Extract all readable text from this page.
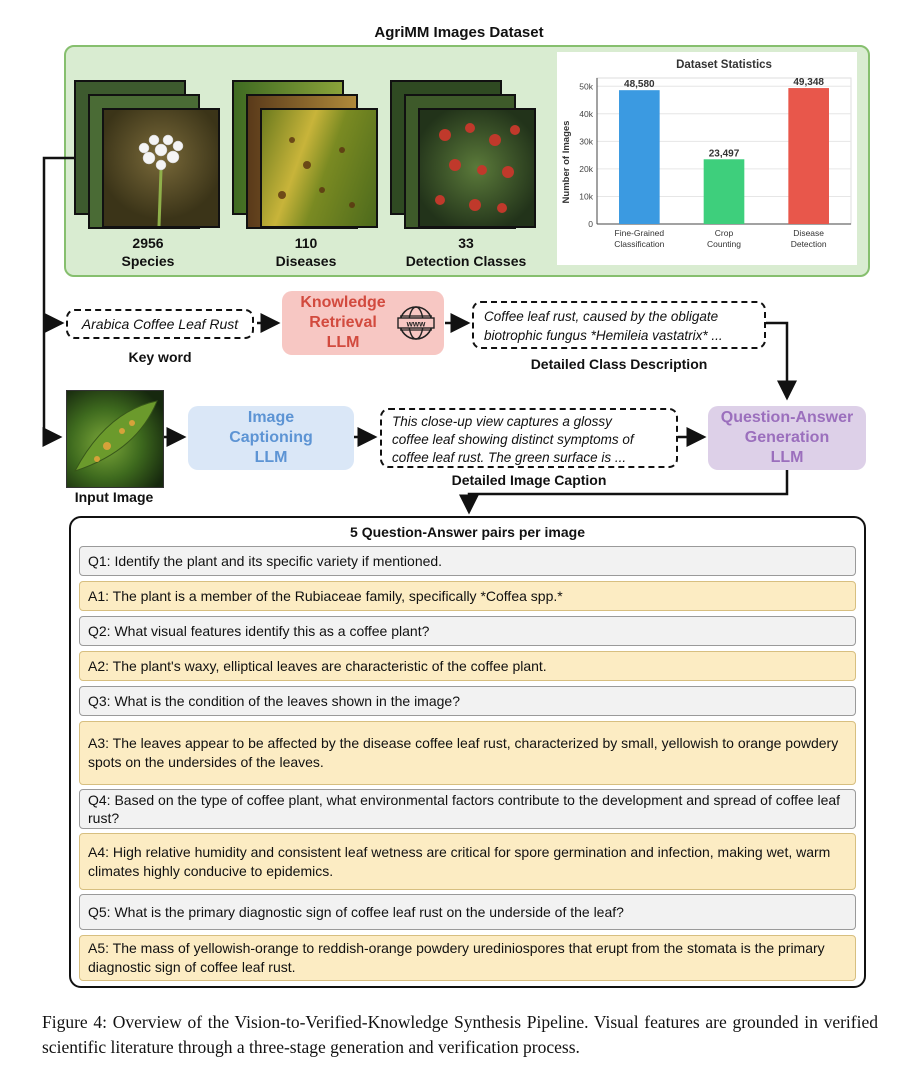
AgriMM Images Dataset
2956
Species
110
Diseases
33
Detection Classes
Dataset Statistics
Number of Images
48,580
23,497
49,348
0
10k
20k
30k
40k
50k
Fine-Grained
Classification
Crop
Counting
Disease
Detection
Arabica Coffee Leaf Rust
Key word
Knowledge
Retrieval
LLM
www	Coffee leaf rust, caused by the obligate
biotrophic fungus *Hemileia vastatrix* ...
Detailed Class Description
Input Image
Image
Captioning
LLM
This close-up view captures a glossy
coffee leaf showing distinct symptoms of
coffee leaf rust. The green surface is ...
Detailed Image Caption
Question-Answer
Generation
LLM
5 Question-Answer pairs per image
Q1: Identify the plant and its specific variety if mentioned.
A1: The plant is a member of the Rubiaceae family, specifically *Coffea spp.*
Q2: What visual features identify this as a coffee plant?
A2: The plant's waxy, elliptical leaves are characteristic of the coffee plant.
Q3: What is the condition of the leaves shown in the image?
A3: The leaves appear to be affected by the disease coffee leaf rust, characterized by small, yellowish to orange powdery spots on the undersides of the leaves.
Q4: Based on the type of coffee plant, what environmental factors contribute to the development and spread of coffee leaf rust?
A4: High relative humidity and consistent leaf wetness are critical for spore germination and infection, making wet, warm climates highly conducive to epidemics.
Q5: What is the primary diagnostic sign of coffee leaf rust on the underside of the leaf?
A5: The mass of yellowish-orange to reddish-orange powdery urediniospores that erupt from the stomata is the primary diagnostic sign of coffee leaf rust.
Figure 4: Overview of the Vision-to-Verified-Knowledge Synthesis Pipeline. Visual features are grounded in verified scientific literature through a three-stage generation and verification process.
